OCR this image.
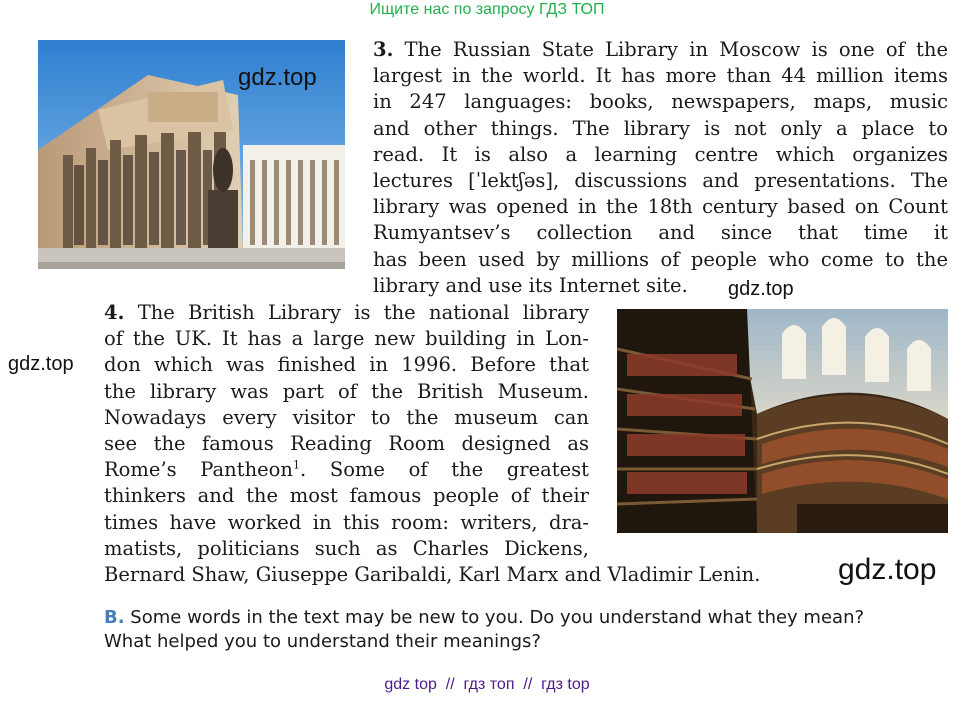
Ищите нас по запросу ГДЗ ТОП
gdz.top
3. The Russian State Library in Moscow is one of the
largest in the world. It has more than 44 million items
in 247 languages: books, newspapers, maps, music
and other things. The library is not only a place to
read. It is also a learning centre which organizes
lectures [ˈlektʃəs], discussions and presentations. The
library was opened in the 18th century based on Count
Rumyantsev’s collection and since that time it
has been used by millions of people who come to the
library and use its Internet site.	gdz.top
gdz.top
4. The British Library is the national library
of the UK. It has a large new building in Lon-
don which was finished in 1996. Before that
the library was part of the British Museum.
Nowadays every visitor to the museum can
see the famous Reading Room designed as
Rome’s Pantheon$^1$. Some of the greatest
thinkers and the most famous people of their
times have worked in this room: writers, dra-
matists, politicians such as Charles Dickens,
Bernard Shaw, Giuseppe Garibaldi, Karl Marx and Vladimir Lenin.	gdz.top
B. Some words in the text may be new to you. Do you understand what they mean?
What helped you to understand their meanings?
gdz top  //  гдз топ  //  гдз top
